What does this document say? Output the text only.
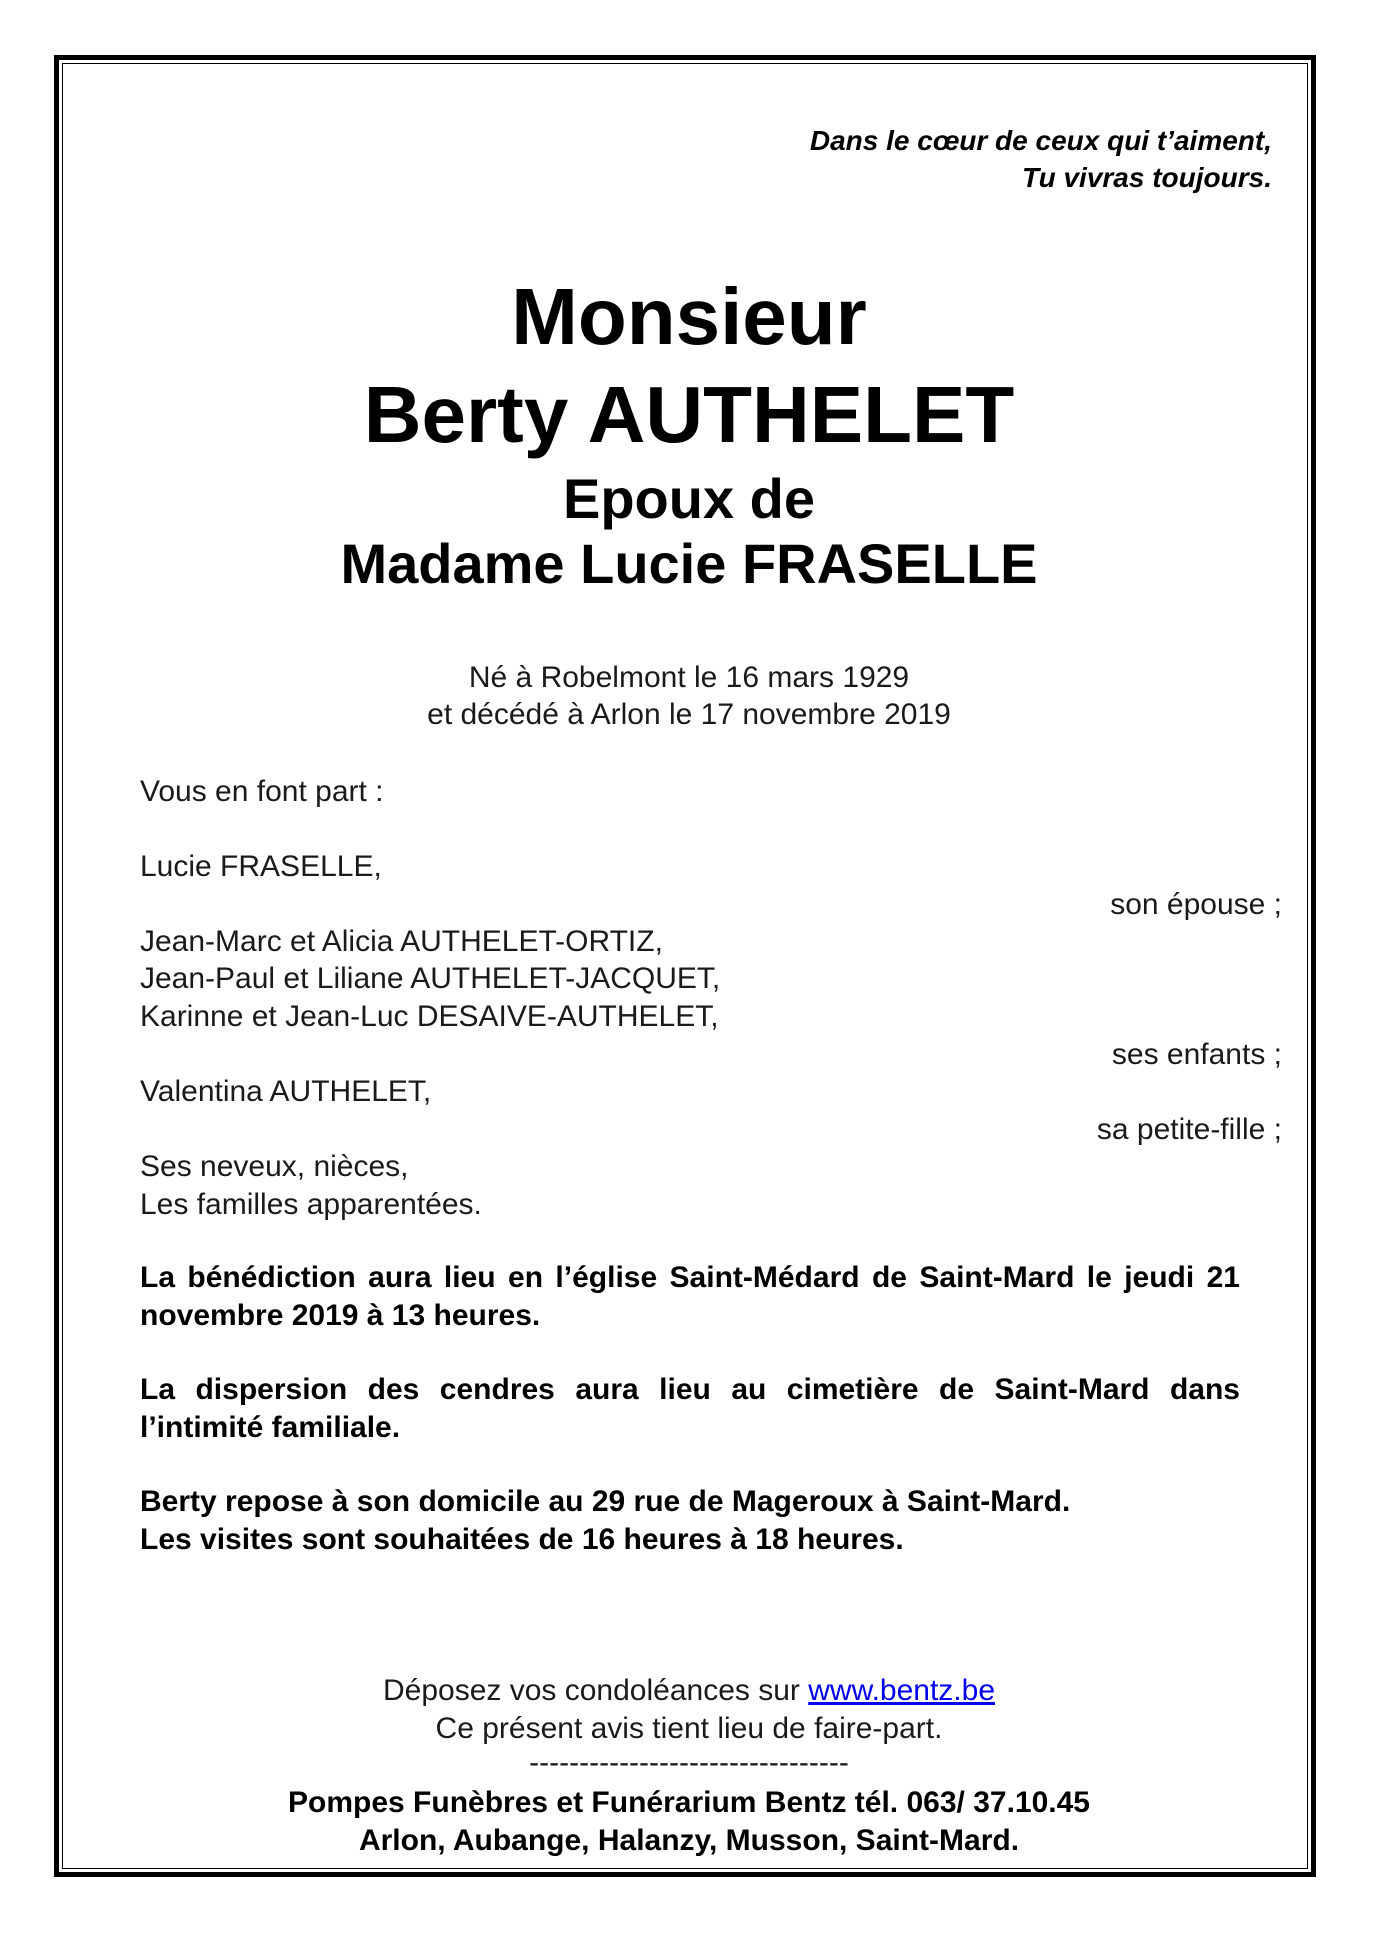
Dans le cœur de ceux qui t’aiment,
Tu vivras toujours.
Monsieur
Berty AUTHELET
Epoux de
Madame Lucie FRASELLE
Né à Robelmont le 16 mars 1929
et décédé à Arlon le 17 novembre 2019
Vous en font part :
Lucie FRASELLE,
son épouse ;
Jean-Marc et Alicia AUTHELET-ORTIZ,
Jean-Paul et Liliane AUTHELET-JACQUET,
Karinne et Jean-Luc DESAIVE-AUTHELET,
ses enfants ;
Valentina AUTHELET,
sa petite-fille ;
Ses neveux, nièces,
Les familles apparentées.
La bénédiction aura lieu en l’église Saint-Médard de Saint-Mard le jeudi 21 novembre 2019 à 13 heures.
La dispersion des cendres aura lieu au cimetière de Saint-Mard dans l’intimité familiale.
Berty repose à son domicile au 29 rue de Mageroux à Saint-Mard.
Les visites sont souhaitées de 16 heures à 18 heures.
Déposez vos condoléances sur www.bentz.be
Ce présent avis tient lieu de faire-part.
--------------------------------
Pompes Funèbres et Funérarium Bentz tél. 063/ 37.10.45
Arlon, Aubange, Halanzy, Musson, Saint-Mard.
